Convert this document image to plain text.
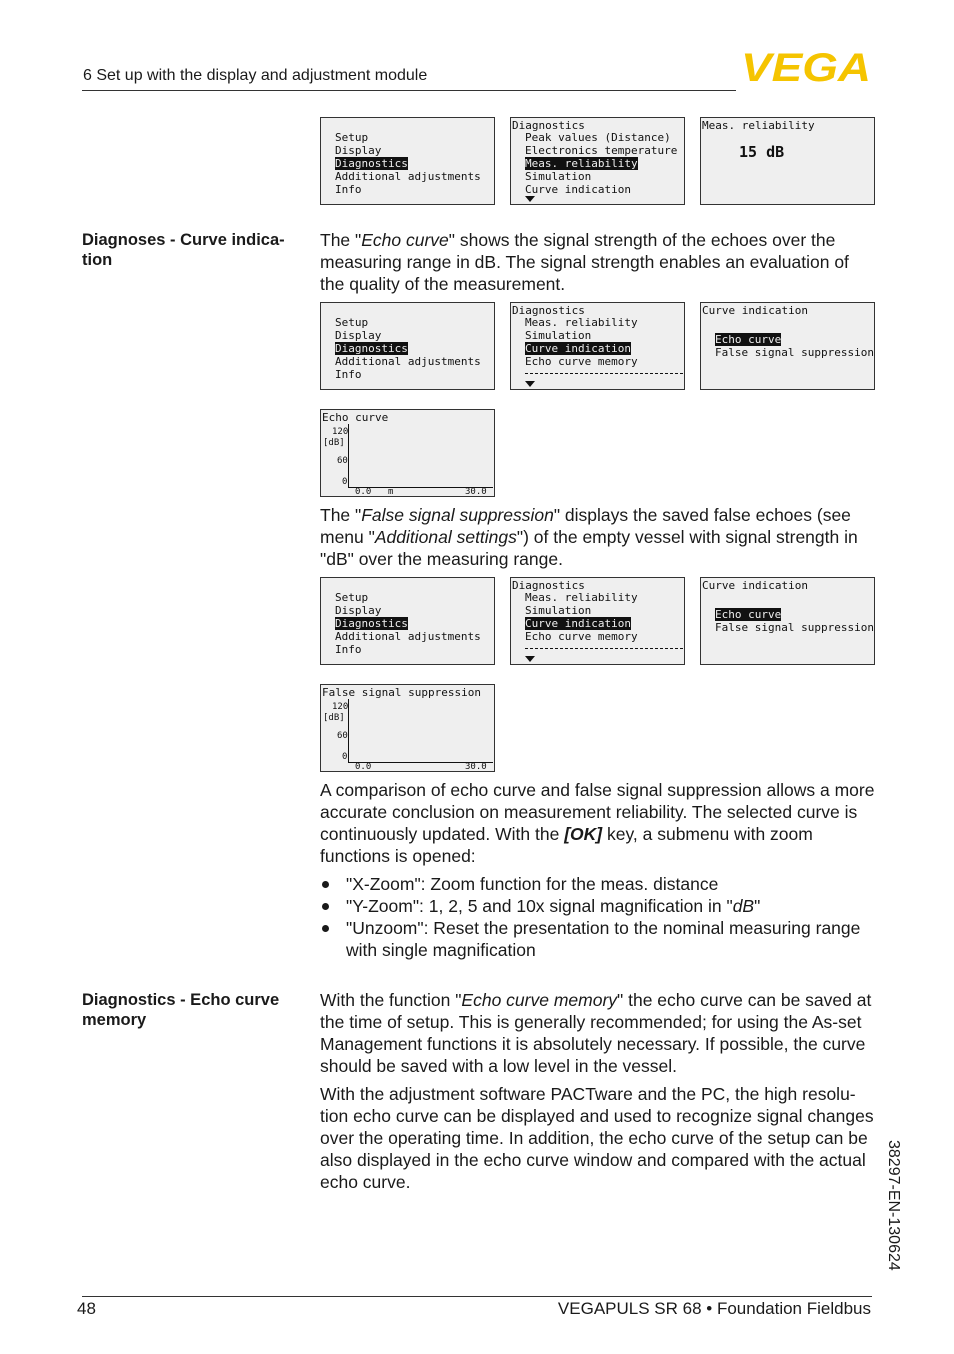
6 Set up with the display and adjustment module	VEGA
Setup
Display
Diagnostics
Additional adjustments
Info
Diagnostics
Peak values (Distance)
Electronics temperature
Meas. reliability
Simulation
Curve indication
Meas. reliability
15 dB
Diagnoses - Curve indica-
tion

The "Echo curve" shows the signal strength of the echoes over the measuring range in dB. The signal strength enables an evaluation of the quality of the measurement.

Setup
Display
Diagnostics
Additional adjustments
Info
Diagnostics
Meas. reliability
Simulation
Curve indication
Echo curve memory
Curve indication
Echo curve
False signal suppression
Echo curve
120
[dB]
60
0
0.0 m	30.0

The "False signal suppression" displays the saved false echoes (see menu "Additional settings") of the empty vessel with signal strength in "dB" over the measuring range.

Setup
Display
Diagnostics
Additional adjustments
Info
Diagnostics
Meas. reliability
Simulation
Curve indication
Echo curve memory
Curve indication
Echo curve
False signal suppression
False signal suppression
120
[dB]
60
0
0.0	30.0

A comparison of echo curve and false signal suppression allows a more accurate conclusion on measurement reliability. The selected curve is continuously updated. With the [OK] key, a submenu with zoom functions is opened:

"X-Zoom": Zoom function for the meas. distance
"Y-Zoom": 1, 2, 5 and 10x signal magnification in "dB"
"Unzoom": Reset the presentation to the nominal measuring range with single magnification
Diagnostics - Echo curve
memory

With the function "Echo curve memory" the echo curve can be saved at the time of setup. This is generally recommended; for using the As-set Management functions it is absolutely necessary. If possible, the curve should be saved with a low level in the vessel.

With the adjustment software PACTware and the PC, the high resolu-tion echo curve can be displayed and used to recognize signal changes over the operating time. In addition, the echo curve of the setup can be also displayed in the echo curve window and compared with the actual echo curve.	38297-EN-130624
48	VEGAPULS SR 68 • Foundation Fieldbus
